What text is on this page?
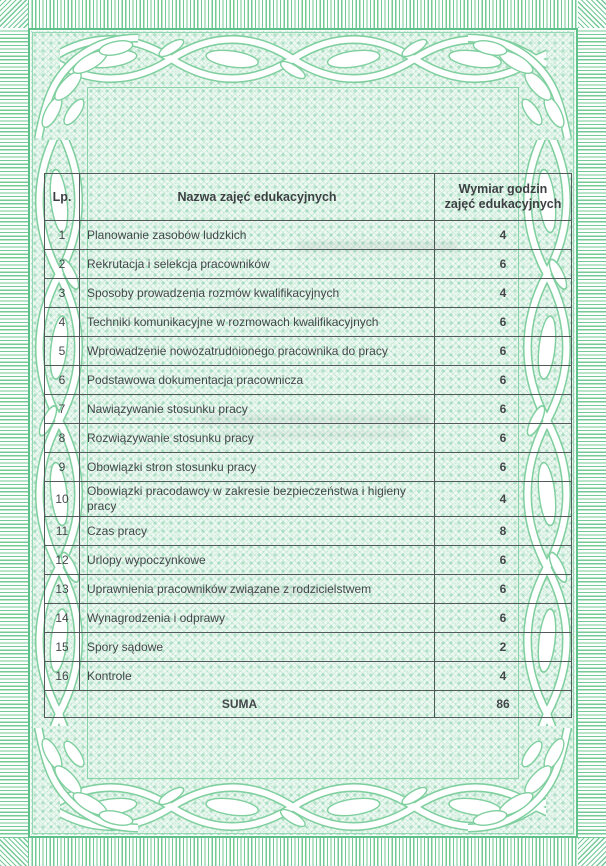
Lp.	Nazwa zajęć edukacyjnych	Wymiar godzin zajęć edukacyjnych
1	Planowanie zasobów ludzkich	4
2	Rekrutacja i selekcja pracowników	6
3	Sposoby prowadzenia rozmów kwalifikacyjnych	4
4	Techniki komunikacyjne w rozmowach kwalifikacyjnych	6
5	Wprowadzenie nowozatrudnionego pracownika do pracy	6
6	Podstawowa dokumentacja pracownicza	6
7	Nawiązywanie stosunku pracy	6
8	Rozwiązywanie stosunku pracy	6
9	Obowiązki stron stosunku pracy	6
10	Obowiązki pracodawcy w zakresie bezpieczeństwa i higieny pracy	4
11	Czas pracy	8
12	Urlopy wypoczynkowe	6
13	Uprawnienia pracowników związane z rodzicielstwem	6
14	Wynagrodzenia i odprawy	6
15	Spory sądowe	2
16	Kontrole	4
SUMA		86
